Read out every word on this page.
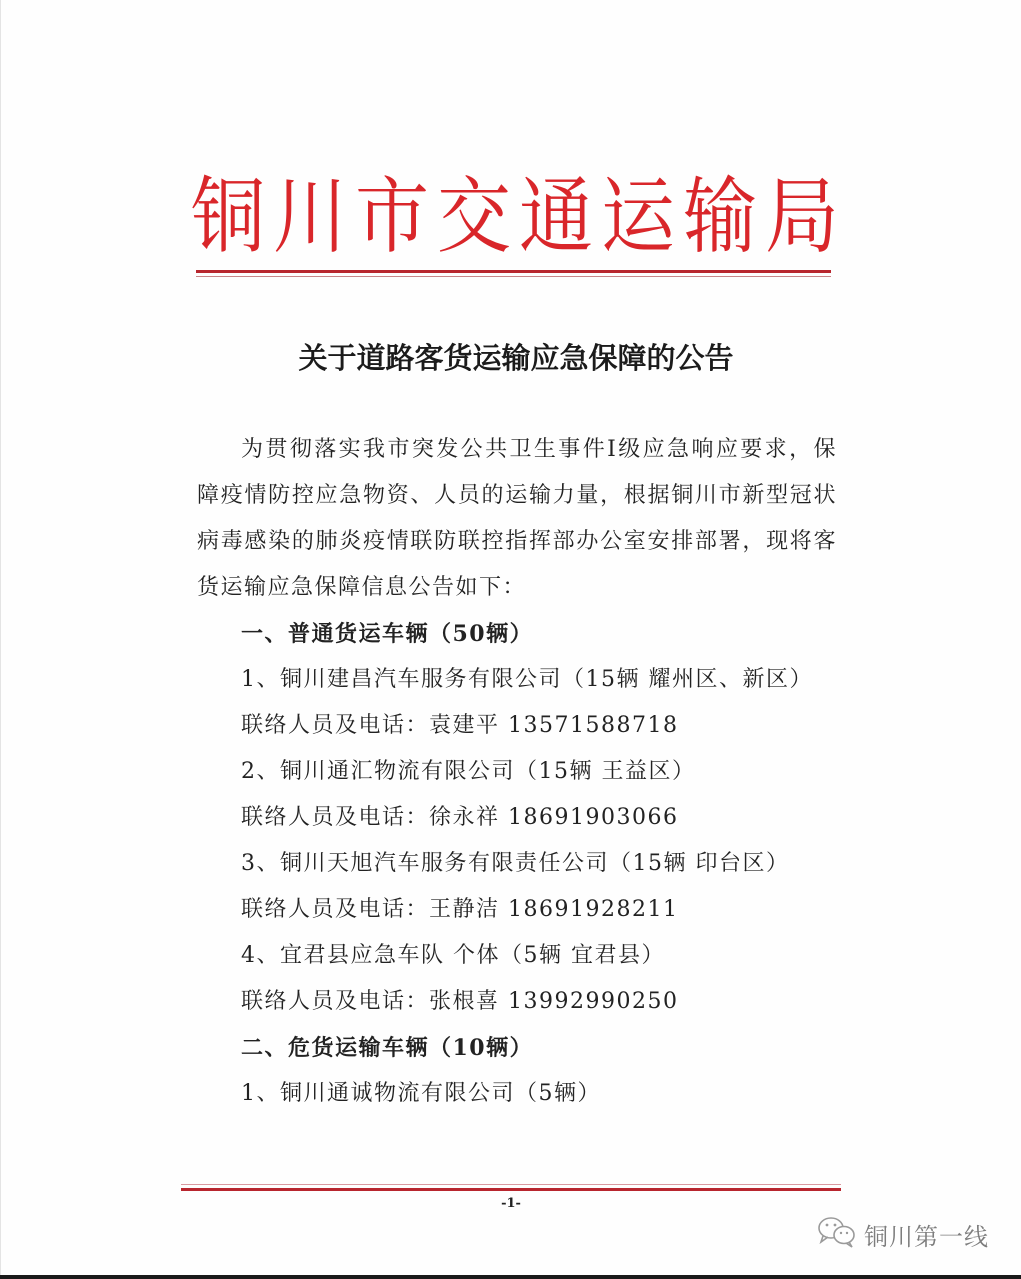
铜川市交通运输局
关于道路客货运输应急保障的公告

为贯彻落实我市突发公共卫生事件Ⅰ级应急响应要求，保障疫情防控应急物资、人员的运输力量，根据铜川市新型冠状病毒感染的肺炎疫情联防联控指挥部办公室安排部署，现将客货运输应急保障信息公告如下：

一、普通货运车辆（50辆）

1、铜川建昌汽车服务有限公司（15辆 耀州区、新区）

联络人员及电话：袁建平 13571588718

2、铜川通汇物流有限公司（15辆 王益区）

联络人员及电话：徐永祥 18691903066

3、铜川天旭汽车服务有限责任公司（15辆 印台区）

联络人员及电话：王静洁 18691928211

4、宜君县应急车队 个体（5辆 宜君县）

联络人员及电话：张根喜 13992990250

二、危货运输车辆（10辆）

1、铜川通诚物流有限公司（5辆）

-1-
铜川第一线
